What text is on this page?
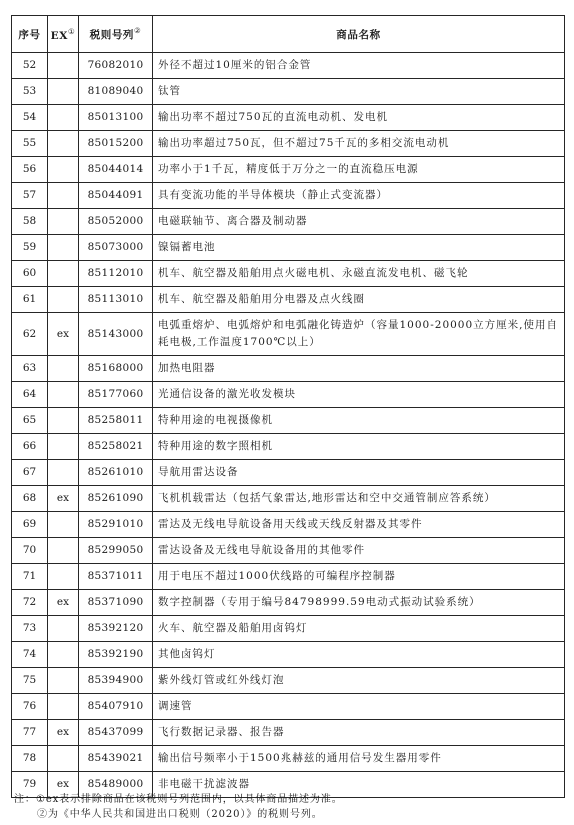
序号	EX①	税则号列②	商品名称
52		76082010	外径不超过10厘米的铝合金管
53		81089040	钛管
54		85013100	输出功率不超过750瓦的直流电动机、发电机
55		85015200	输出功率超过750瓦，但不超过75千瓦的多相交流电动机
56		85044014	功率小于1千瓦，精度低于万分之一的直流稳压电源
57		85044091	具有变流功能的半导体模块（静止式变流器）
58		85052000	电磁联轴节、离合器及制动器
59		85073000	镍镉蓄电池
60		85112010	机车、航空器及船舶用点火磁电机、永磁直流发电机、磁飞轮
61		85113010	机车、航空器及船舶用分电器及点火线圈
62	ex	85143000	电弧重熔炉、电弧熔炉和电弧融化铸造炉（容量1000-20000立方厘米,使用自耗电极,工作温度1700℃以上）
63		85168000	加热电阻器
64		85177060	光通信设备的激光收发模块
65		85258011	特种用途的电视摄像机
66		85258021	特种用途的数字照相机
67		85261010	导航用雷达设备
68	ex	85261090	飞机机载雷达（包括气象雷达,地形雷达和空中交通管制应答系统）
69		85291010	雷达及无线电导航设备用天线或天线反射器及其零件
70		85299050	雷达设备及无线电导航设备用的其他零件
71		85371011	用于电压不超过1000伏线路的可编程序控制器
72	ex	85371090	数字控制器（专用于编号84798999.59电动式振动试验系统）
73		85392120	火车、航空器及船舶用卤钨灯
74		85392190	其他卤钨灯
75		85394900	紫外线灯管或红外线灯泡
76		85407910	调速管
77	ex	85437099	飞行数据记录器、报告器
78		85439021	输出信号频率小于1500兆赫兹的通用信号发生器用零件
79	ex	85489000	非电磁干扰滤波器
注： ①ex表示排除商品在该税则号列范围内，以具体商品描述为准。
②为《中华人民共和国进出口税则（2020）》的税则号列。
